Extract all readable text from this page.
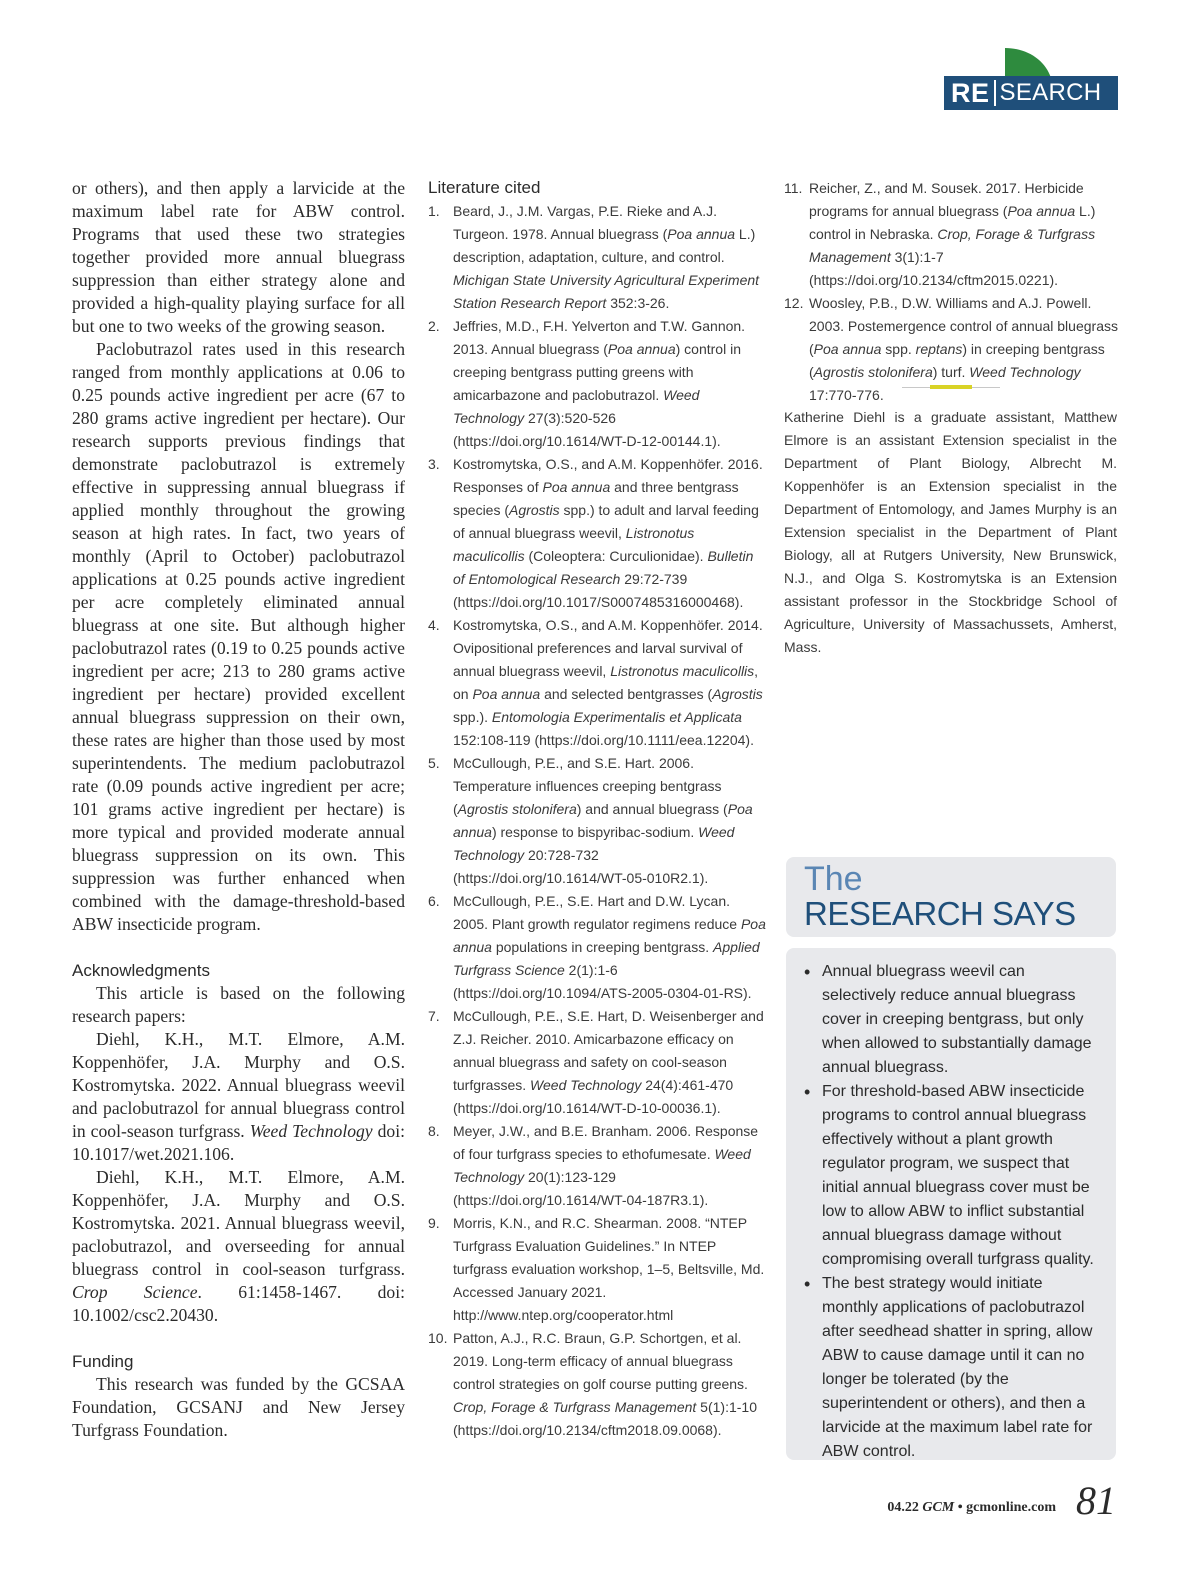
RE SEARCH

or others), and then apply a larvicide at the maximum label rate for ABW control. Programs that used these two strategies together provided more annual bluegrass suppression than either strategy alone and provided a high-quality playing surface for all but one to two weeks of the growing season.

Paclobutrazol rates used in this research ranged from monthly applications at 0.06 to 0.25 pounds active ingredient per acre (67 to 280 grams active ingredient per hectare). Our research supports previous findings that demonstrate paclobutrazol is extremely effective in suppressing annual bluegrass if applied monthly throughout the growing season at high rates. In fact, two years of monthly (April to October) paclobutrazol applications at 0.25 pounds active ingredient per acre completely eliminated annual bluegrass at one site. But although higher paclobutrazol rates (0.19 to 0.25 pounds active ingredient per acre; 213 to 280 grams active ingredient per hectare) provided excellent annual bluegrass suppression on their own, these rates are higher than those used by most superintendents. The medium paclobutrazol rate (0.09 pounds active ingredient per acre; 101 grams active ingredient per hectare) is more typical and provided moderate annual bluegrass suppression on its own. This suppression was further enhanced when combined with the damage-threshold-based ABW insecticide program.

Acknowledgments

This article is based on the following research papers:

Diehl, K.H., M.T. Elmore, A.M. Koppenhöfer, J.A. Murphy and O.S. Kostromytska. 2022. Annual bluegrass weevil and paclobutrazol for annual bluegrass control in cool-season turfgrass. Weed Technology doi: 10.1017/wet.2021.106.

Diehl, K.H., M.T. Elmore, A.M. Koppenhöfer, J.A. Murphy and O.S. Kostromytska. 2021. Annual bluegrass weevil, paclobutrazol, and overseeding for annual bluegrass control in cool-season turfgrass. Crop Science. 61:1458-1467. doi: 10.1002/csc2.20430.

Funding

This research was funded by the GCSAA Foundation, GCSANJ and New Jersey Turfgrass Foundation.

Literature cited
1. Beard, J., J.M. Vargas, P.E. Rieke and A.J. Turgeon. 1978. Annual bluegrass (Poa annua L.) description, adaptation, culture, and control. Michigan State University Agricultural Experiment Station Research Report 352:3-26.
2. Jeffries, M.D., F.H. Yelverton and T.W. Gannon. 2013. Annual bluegrass (Poa annua) control in creeping bentgrass putting greens with amicarbazone and paclobutrazol. Weed Technology 27(3):520-526 (https://doi.org/10.1614/WT-D-12-00144.1).
3. Kostromytska, O.S., and A.M. Koppenhöfer. 2016. Responses of Poa annua and three bentgrass species (Agrostis spp.) to adult and larval feeding of annual bluegrass weevil, Listronotus maculicollis (Coleoptera: Curculionidae). Bulletin of Entomological Research 29:72-739 (https://doi.org/10.1017/S0007485316000468).
4. Kostromytska, O.S., and A.M. Koppenhöfer. 2014. Ovipositional preferences and larval survival of annual bluegrass weevil, Listronotus maculicollis, on Poa annua and selected bentgrasses (Agrostis spp.). Entomologia Experimentalis et Applicata 152:108-119 (https://doi.org/10.1111/eea.12204).
5. McCullough, P.E., and S.E. Hart. 2006. Temperature influences creeping bentgrass (Agrostis stolonifera) and annual bluegrass (Poa annua) response to bispyribac-sodium. Weed Technology 20:728-732 (https://doi.org/10.1614/WT-05-010R2.1).
6. McCullough, P.E., S.E. Hart and D.W. Lycan. 2005. Plant growth regulator regimens reduce Poa annua populations in creeping bentgrass. Applied Turfgrass Science 2(1):1-6 (https://doi.org/10.1094/ATS-2005-0304-01-RS).
7. McCullough, P.E., S.E. Hart, D. Weisenberger and Z.J. Reicher. 2010. Amicarbazone efficacy on annual bluegrass and safety on cool-season turfgrasses. Weed Technology 24(4):461-470 (https://doi.org/10.1614/WT-D-10-00036.1).
8. Meyer, J.W., and B.E. Branham. 2006. Response of four turfgrass species to ethofumesate. Weed Technology 20(1):123-129 (https://doi.org/10.1614/WT-04-187R3.1).
9. Morris, K.N., and R.C. Shearman. 2008. “NTEP Turfgrass Evaluation Guidelines.” In NTEP turfgrass evaluation workshop, 1–5, Beltsville, Md. Accessed January 2021. http://www.ntep.org/cooperator.html
10. Patton, A.J., R.C. Braun, G.P. Schortgen, et al. 2019. Long-term efficacy of annual bluegrass control strategies on golf course putting greens. Crop, Forage & Turfgrass Management 5(1):1-10 (https://doi.org/10.2134/cftm2018.09.0068).
11. Reicher, Z., and M. Sousek. 2017. Herbicide programs for annual bluegrass (Poa annua L.) control in Nebraska. Crop, Forage & Turfgrass Management 3(1):1-7 (https://doi.org/10.2134/cftm2015.0221).
12. Woosley, P.B., D.W. Williams and A.J. Powell. 2003. Postemergence control of annual bluegrass (Poa annua spp. reptans) in creeping bentgrass (Agrostis stolonifera) turf. Weed Technology 17:770-776.
Katherine Diehl is a graduate assistant, Matthew Elmore is an assistant Extension specialist in the Department of Plant Biology, Albrecht M. Koppenhöfer is an Extension specialist in the Department of Entomology, and James Murphy is an Extension specialist in the Department of Plant Biology, all at Rutgers University, New Brunswick, N.J., and Olga S. Kostromytska is an Extension assistant professor in the Stockbridge School of Agriculture, University of Massachussets, Amherst, Mass.
The
RESEARCH SAYS
• Annual bluegrass weevil can selectively reduce annual bluegrass cover in creeping bentgrass, but only when allowed to substantially damage annual bluegrass.
• For threshold-based ABW insecticide programs to control annual bluegrass effectively without a plant growth regulator program, we suspect that initial annual bluegrass cover must be low to allow ABW to inflict substantial annual bluegrass damage without compromising overall turfgrass quality.
• The best strategy would initiate monthly applications of paclobutrazol after seedhead shatter in spring, allow ABW to cause damage until it can no longer be tolerated (by the superintendent or others), and then a larvicide at the maximum label rate for ABW control.
04.22 GCM • gcmonline.com 81
